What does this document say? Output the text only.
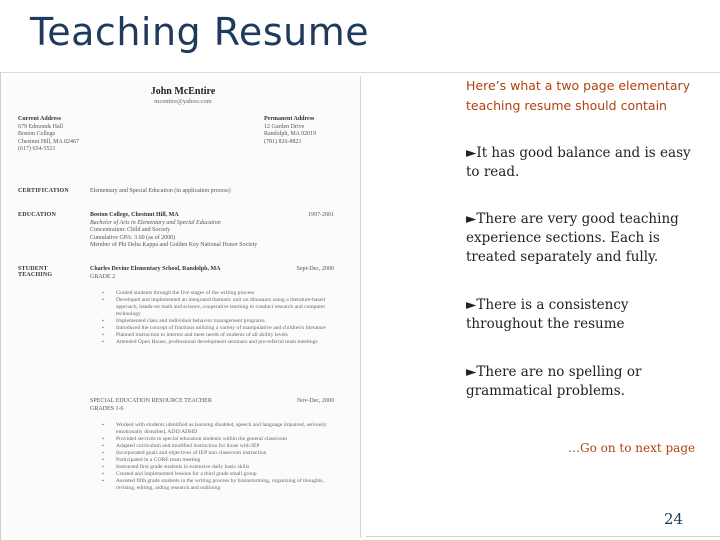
Teaching Resume
John McEntire
mcentire@yahoo.com
Current Address
679 Edmonds Hall
Boston College
Chestnut Hill, MA 02467
(617) 654-5521
Permanent Address
12 Garden Drive
Randolph, MA 02019
(781) 826-8821
CERTIFICATION	Elementary and Special Education (in application process)
EDUCATION	1997-2001
Boston College, Chestnut Hill, MA
Bachelor of Arts in Elementary and Special Education
Concentration: Child and Society
Cumulative GPA: 3.60 (as of 2000)
Member of Phi Delta Kappa and Golden Key National Honor Society
STUDENT
TEACHING
Sept-Dec, 2000
Charles Devine Elementary School, Randolph, MA
GRADE 2
▪ Guided students through the five stages of the writing process
▪ Developed and implemented an integrated thematic unit on dinosaurs using a literature-based approach, hands-on math and science, cooperative learning to conduct research and computer technology
▪ Implemented class and individual behavior management programs
▪ Introduced the concept of fractions utilizing a variety of manipulative and children's literature
▪ Planned instruction to interest and meet needs of students of all ability levels
▪ Attended Open House, professional development seminars and pre-referral team meetings
Nov-Dec, 2000
SPECIAL EDUCATION RESOURCE TEACHER
GRADES 1-6
▪ Worked with students identified as learning disabled, speech and language impaired, seriously emotionally disturbed, ADD/ADHD
▪ Provided services to special education students within the general classroom
▪ Adapted curriculum and modified instruction for those with IEP
▪ Incorporated goals and objectives of IEP into classroom instruction
▪ Participated in a CORE team meeting
▪ Instructed first grade students in extensive daily basic skills
▪ Created and implemented lessons for a third grade small group
▪ Assisted fifth grade students in the writing process by brainstorming, organizing of thoughts, revising, editing, aiding research and outlining

Here’s what a two page elementary teaching resume should contain

►It has good balance and is easy to read.
►There are very good teaching experience sections. Each is treated separately and fully.
►There is a consistency throughout the resume
►There are no spelling or grammatical problems.
…Go on to next page
24
